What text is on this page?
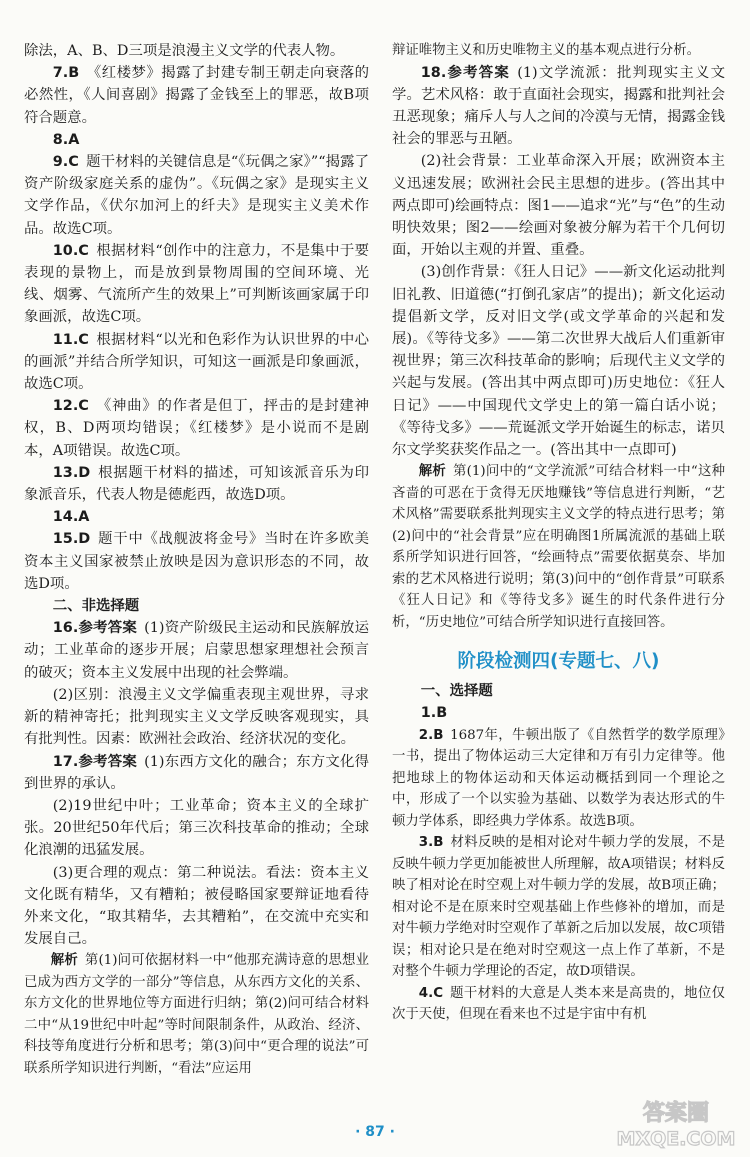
除法，A、B、D三项是浪漫主义文学的代表人物。

7.B  《红楼梦》揭露了封建专制王朝走向衰落的必然性，《人间喜剧》揭露了金钱至上的罪恶，故B项符合题意。

8.A 

9.C  题干材料的关键信息是“《玩偶之家》”“揭露了资产阶级家庭关系的虚伪”。《玩偶之家》是现实主义文学作品，《伏尔加河上的纤夫》是现实主义美术作品。故选C项。

10.C  根据材料“创作中的注意力，不是集中于要表现的景物上，而是放到景物周围的空间环境、光线、烟雾、气流所产生的效果上”可判断该画家属于印象画派，故选C项。

11.C  根据材料“以光和色彩作为认识世界的中心的画派”并结合所学知识，可知这一画派是印象画派，故选C项。

12.C  《神曲》的作者是但丁，抨击的是封建神权，B、D两项均错误；《红楼梦》是小说而不是剧本，A项错误。故选C项。

13.D  根据题干材料的描述，可知该派音乐为印象派音乐，代表人物是德彪西，故选D项。

14.A 

15.D  题干中《战舰波将金号》当时在许多欧美资本主义国家被禁止放映是因为意识形态的不同，故选D项。

二、非选择题

16.参考答案  (1)资产阶级民主运动和民族解放运动；工业革命的逐步开展；启蒙思想家理想社会预言的破灭；资本主义发展中出现的社会弊端。

(2)区别：浪漫主义文学偏重表现主观世界，寻求新的精神寄托；批判现实主义文学反映客观现实，具有批判性。因素：欧洲社会政治、经济状况的变化。

17.参考答案  (1)东西方文化的融合；东方文化得到世界的承认。

(2)19世纪中叶；工业革命；资本主义的全球扩张。20世纪50年代后；第三次科技革命的推动；全球化浪潮的迅猛发展。

(3)更合理的观点：第二种说法。看法：资本主义文化既有精华，又有糟粕；被侵略国家要辩证地看待外来文化，“取其精华，去其糟粕”，在交流中充实和发展自己。

解析  第(1)问可依据材料一中“他那充满诗意的思想业已成为西方文学的一部分”等信息，从东西方文化的关系、东方文化的世界地位等方面进行归纳；第(2)问可结合材料二中“从19世纪中叶起”等时间限制条件，从政治、经济、科技等角度进行分析和思考；第(3)问中“更合理的说法”可联系所学知识进行判断，“看法”应运用

辩证唯物主义和历史唯物主义的基本观点进行分析。

18.参考答案  (1)文学流派：批判现实主义文学。艺术风格：敢于直面社会现实，揭露和批判社会丑恶现象；痛斥人与人之间的冷漠与无情，揭露金钱社会的罪恶与丑陋。

(2)社会背景：工业革命深入开展；欧洲资本主义迅速发展；欧洲社会民主思想的进步。(答出其中两点即可)绘画特点：图1——追求“光”与“色”的生动明快效果；图2——绘画对象被分解为若干个几何切面，开始以主观的并置、重叠。

(3)创作背景：《狂人日记》——新文化运动批判旧礼教、旧道德(“打倒孔家店”的提出)；新文化运动提倡新文学，反对旧文学(或文学革命的兴起和发展)。《等待戈多》——第二次世界大战后人们重新审视世界；第三次科技革命的影响；后现代主义文学的兴起与发展。(答出其中两点即可)历史地位：《狂人日记》——中国现代文学史上的第一篇白话小说；《等待戈多》——荒诞派文学开始诞生的标志，诺贝尔文学奖获奖作品之一。(答出其中一点即可)

解析  第(1)问中的“文学流派”可结合材料一中“这种吝啬的可恶在于贪得无厌地赚钱”等信息进行判断，“艺术风格”需要联系批判现实主义文学的特点进行思考；第(2)问中的“社会背景”应在明确图1所属流派的基础上联系所学知识进行回答，“绘画特点”需要依据莫奈、毕加索的艺术风格进行说明；第(3)问中的“创作背景”可联系《狂人日记》和《等待戈多》诞生的时代条件进行分析，“历史地位”可结合所学知识进行直接回答。

阶段检测四(专题七、八)

一、选择题

1.B 

2.B  1687年，牛顿出版了《自然哲学的数学原理》一书，提出了物体运动三大定律和万有引力定律等。他把地球上的物体运动和天体运动概括到同一个理论之中，形成了一个以实验为基础、以数学为表达形式的牛顿力学体系，即经典力学体系。故选B项。

3.B  材料反映的是相对论对牛顿力学的发展，不是反映牛顿力学更加能被世人所理解，故A项错误；材料反映了相对论在时空观上对牛顿力学的发展，故B项正确；相对论不是在原来时空观基础上作些修补的增加，而是对牛顿力学绝对时空观作了革新之后加以发展，故C项错误；相对论只是在绝对时空观这一点上作了革新，不是对整个牛顿力学理论的否定，故D项错误。

4.C  题干材料的大意是人类本来是高贵的，地位仅次于天使，但现在看来也不过是宇宙中有机

· 87 ·
答案圈
MXQE.COM
